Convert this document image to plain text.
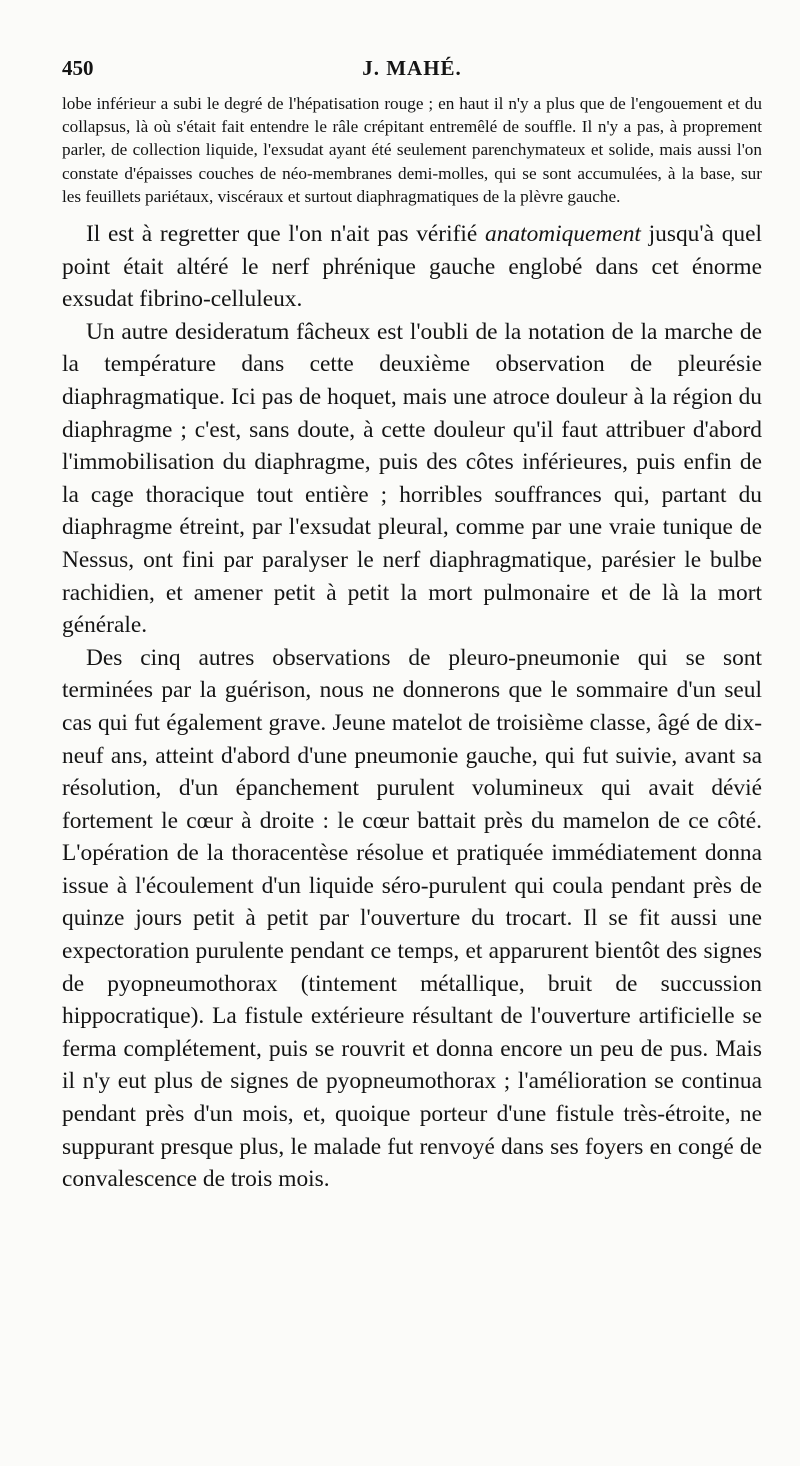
450	J. MAHÉ.

lobe inférieur a subi le degré de l'hépatisation rouge ; en haut il n'y a plus que de l'engouement et du collapsus, là où s'était fait entendre le râle crépitant entremêlé de souffle. Il n'y a pas, à proprement parler, de collection liquide, l'exsudat ayant été seulement parenchymateux et solide, mais aussi l'on constate d'épaisses couches de néo-membranes demi-molles, qui se sont accumulées, à la base, sur les feuillets pariétaux, viscéraux et surtout diaphragmatiques de la plèvre gauche.

Il est à regretter que l'on n'ait pas vérifié anatomiquement jusqu'à quel point était altéré le nerf phrénique gauche englobé dans cet énorme exsudat fibrino-celluleux.

Un autre desideratum fâcheux est l'oubli de la notation de la marche de la température dans cette deuxième observation de pleurésie diaphragmatique. Ici pas de hoquet, mais une atroce douleur à la région du diaphragme ; c'est, sans doute, à cette douleur qu'il faut attribuer d'abord l'immobilisation du diaphragme, puis des côtes inférieures, puis enfin de la cage thoracique tout entière ; horribles souffrances qui, partant du diaphragme étreint, par l'exsudat pleural, comme par une vraie tunique de Nessus, ont fini par paralyser le nerf diaphragmatique, parésier le bulbe rachidien, et amener petit à petit la mort pulmonaire et de là la mort générale.

Des cinq autres observations de pleuro-pneumonie qui se sont terminées par la guérison, nous ne donnerons que le sommaire d'un seul cas qui fut également grave. Jeune matelot de troisième classe, âgé de dix-neuf ans, atteint d'abord d'une pneumonie gauche, qui fut suivie, avant sa résolution, d'un épanchement purulent volumineux qui avait dévié fortement le cœur à droite : le cœur battait près du mamelon de ce côté. L'opération de la thoracentèse résolue et pratiquée immédiatement donna issue à l'écoulement d'un liquide séro-purulent qui coula pendant près de quinze jours petit à petit par l'ouverture du trocart. Il se fit aussi une expectoration purulente pendant ce temps, et apparurent bientôt des signes de pyopneumothorax (tintement métallique, bruit de succussion hippocratique). La fistule extérieure résultant de l'ouverture artificielle se ferma complétement, puis se rouvrit et donna encore un peu de pus. Mais il n'y eut plus de signes de pyopneumothorax ; l'amélioration se continua pendant près d'un mois, et, quoique porteur d'une fistule très-étroite, ne suppurant presque plus, le malade fut renvoyé dans ses foyers en congé de convalescence de trois mois.
